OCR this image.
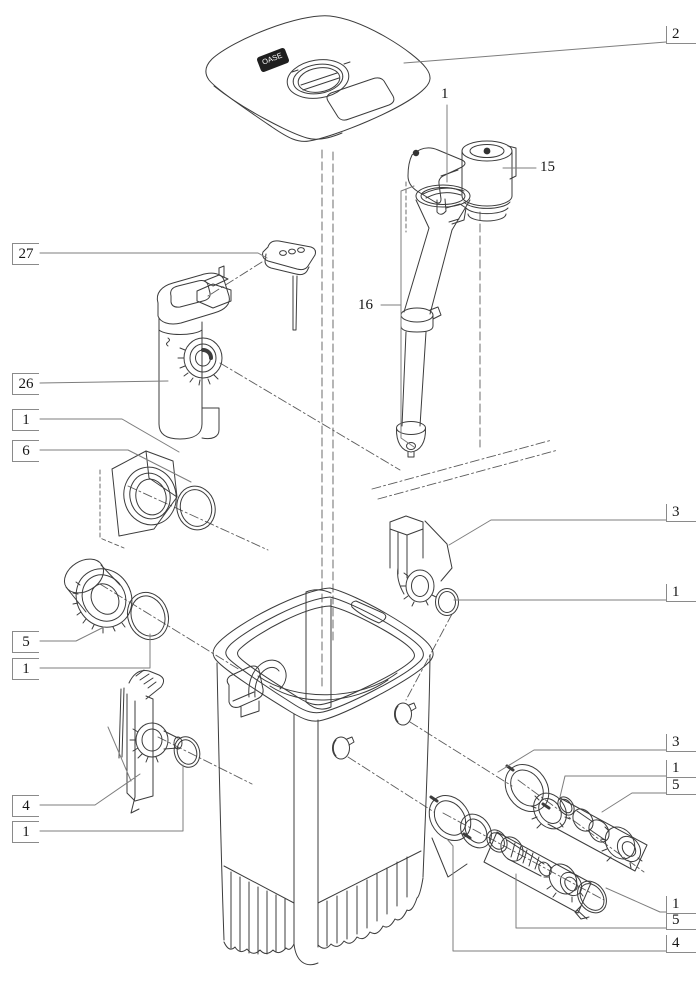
OASE
2
1
15
16
27
26
1
6
3
1
5
1
4
1
3
1
5
1
5
4
